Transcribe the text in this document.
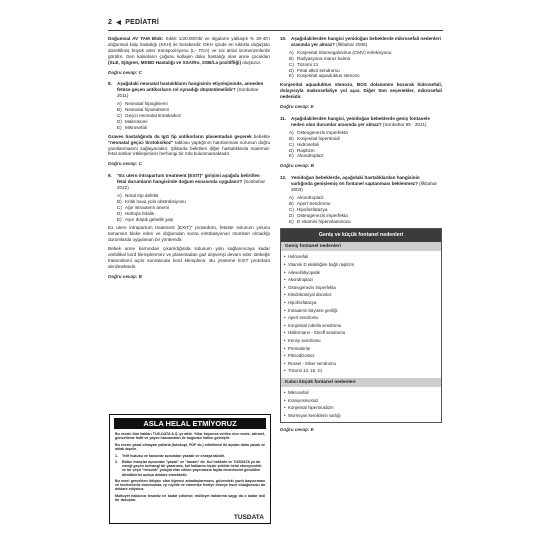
2 ◀ PEDİATRİ

Doğumsal AV TAM Blok: Sıklık 1/20.000'dir ve olguların yaklaşık % 30-40'ı doğumsal kalp hastalığı (KKH) ile beraberdir. DKH içinde en sıklıkla doğuştan düzeltilmiş büyük arter transpozisyonu (L- TGA) ve sol atrial izomerizmlerde görülür. Geri kalanların çoğunu kollajen doku hastalığı olan anne çocukları (SLE, Sjögren, MKBD Hastalığı ve SSA/Ro, SSB/La pozitifliği) oluşturur.

Doğru cevap: C
8.	Aşağıdaki neonatal hastalıkların hangisinin etiyolojisinde, anneden fetüse geçen antikorların rol oynadığı düşünülmelidir? (Sonbahar 2011)
A) Neonatal hipoglisemi
B) Neonatal hipokalsemi
C) Geçici neonatal tirotoksikoz
D) Makrosomi
E) Mikrosefali

Graves hastalığında da IgG tip antikorların plasentadan geçerek bebekte "neonatal geçici tirotoksikoz" tablosu yaptığının hatırlanması sorunun doğru yanıtlanmasını sağlayacaktır. Şıklarda belirtilen diğer hastalıklarda maternal-fetal antikor etkileşiminin herhangi bir rolü bulunmamaktadır.

Doğru cevap: C
9.	"Ex utero intrapartum treatment (EXIT)" girişimi aşağıda belirtilen fetal durumların hangisinde doğum esnasında uygulanır? (Sonbahar 2022)
A) Nöral tüp defekti
B) Kritik hava yolu obstrüksiyonu
C) Ağır intrauterin anemi
D) Hidrops fetalis
E) Aşırı düşük gebelik yaşı

Ex utero intrapartum treatment (EXIT)" prosedürü, fetüste solunum yolunu tamamen bloke eden ve doğumdan sonra entübasyonun mümkün olmadığı durumlarda uygulanan bir yöntemdir.

Bebek anne karnından çıkarıldığında solunum yolu sağlanıncaya kadar umbilikal kord klemplenmez ve plasentadan gaz alışverişi devam eder. Bebeğe trakeostomi açılır sonrasında kord klemplenir. Bu yönteme EXIT protokolü denilmektedir.

Doğru cevap: B
ASLA HELAL ETMİYORUZ

Bu eserin tüm hakları TUS-DATA A.Ş.'ye aittir. Yıllar boyunca verilen nice emek, zahmet, güncelleme fedif ve yayını harcamaları ile bugünkü haline gelmiştir.

Bu eserin yasal olmayan yollarla (fotokopi, PDF vb.) edinilmesi iki açıdan daha yasak ve ahlak dışıdır.

1.	Telif hukuku ve kanunlar açısından yasaklı ve cezaya tabidir.
2.	Bütün inançlar açısından "yasak" ve "haram" dır. Kul hakkıdır ve TUSDATA ya da emeği geçen herhangi bir yazarımız, kul haklarını hiçbir şekilde helal etmeyecektir ve bir çeşit "hırsızlık" yoluyla elde edilen yayınımızın fayda etmemesini gönülden dilediklerini açıkça deklare etmektedir.

Bu eseri gerçekten ihtiyacı olan öğrenci arkadaşlarımızın, güvendeki yazılı başvurması ve incelemeniz durumunda, iyi niyetle ve cömertçe hediye etmeye hazır olduğumuzu da deklare ediyoruz.

Mutluyet hakkınızı tesaviiz ne kadar çirkinse; mülkiyet haklarına saygı da o kadar asil bir duruştur.

TUSDATA
10.	Aşağıdakilerden hangisi yenidoğan bebeklerde mikrosefali nedenleri arasında yer almaz? (İlkbahar 2005)
A) Konjenital Sitomegalovirus (CMV) enfeksiyonu
B) Radyasyona maruz kalma
C) Trizomi 21
D) Fetal alkol sendromu
E) Konjenital aquaduktus stenozu

Konjenital aquaduktus stenozu, BOS dolanımını bozarak hidrosefali, dolayısıyla makrosefaliye yol açar. Diğer tüm seçenekler, mikrosefali nedenidir.

Doğru cevap: E
11.	Aşağıdakilerden hangisi, yenidoğan bebeklerde geniş fontanele neden olan durumlar arasında yer almaz? (Sonbahar 99 - 2021)
A) Osteogenezis imperfekta
B) Konjenital hipertiroidi
C) Hidrosefali
D) Raşitizm
E) Akondroplazi
Doğru cevap: B
12.	Yenidoğan bebeklerde, aşağıdaki hastalıklardan hangisinin varlığında genişlemiş ön fontanel saptanması beklenmez? (İlkbahar 2003)
A) Akondroplazi
B) Apert Sendromu
C) Hipofosfatazya
D) Osteogenezis imperfekta
E) D vitamini hipervitaminozu
Geniş ve küçük fontanel nedenleri
Geniş fontanel nedenleri
• Hidrosefali
• Vitamin D eksikliğine bağlı raşitizm
• Ailesel/idiyopatik
• Akondroplazi
• Osteogenezis İmperfekta
• Kleidokraniyal disostoz
• Hipofosfatazya
• İntrauterin büyüme geriliği
• Apert sendromu
• Konjenital rubella sendromu
• Hallermann - Streiff sendromu
• Kenny sendromu
• Prematürite
• Piknodizostoz
• Russel - Silver sendromu
• Trizomi 13, 18, 21
Kalıcı küçük fontanel nedenleri
• Mikrosefali
• Kraniyosinostoz
• Konjenital hipertiroidizm
• Wormiyan kemiklerin varlığı
Doğru cevap: E
